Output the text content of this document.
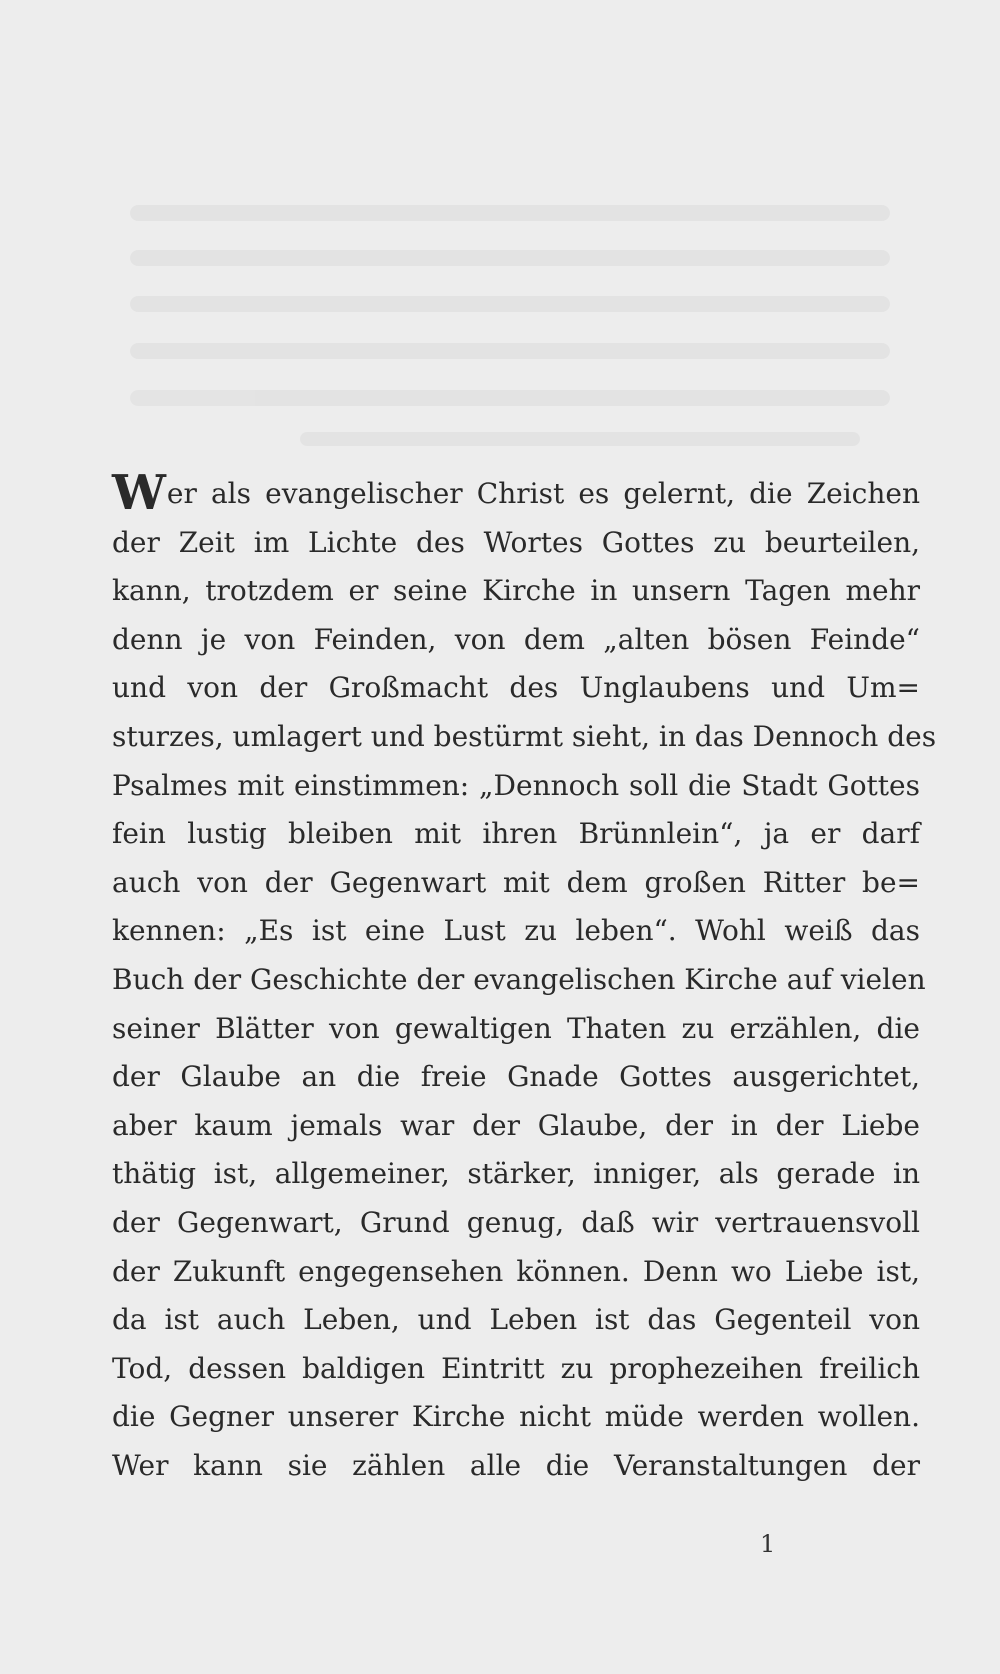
Wer als evangelischer Christ es gelernt, die Zeichen
der Zeit im Lichte des Wortes Gottes zu beurteilen,
kann, trotzdem er seine Kirche in unsern Tagen mehr
denn je von Feinden, von dem „alten bösen Feinde“
und von der Großmacht des Unglaubens und Um=
sturzes, umlagert und bestürmt sieht, in das Dennoch des
Psalmes mit einstimmen: „Dennoch soll die Stadt Gottes
fein lustig bleiben mit ihren Brünnlein“, ja er darf
auch von der Gegenwart mit dem großen Ritter be=
kennen: „Es ist eine Lust zu leben“. Wohl weiß das
Buch der Geschichte der evangelischen Kirche auf vielen
seiner Blätter von gewaltigen Thaten zu erzählen, die
der Glaube an die freie Gnade Gottes ausgerichtet,
aber kaum jemals war der Glaube, der in der Liebe
thätig ist, allgemeiner, stärker, inniger, als gerade in
der Gegenwart, Grund genug, daß wir vertrauensvoll
der Zukunft engegensehen können. Denn wo Liebe ist,
da ist auch Leben, und Leben ist das Gegenteil von
Tod, dessen baldigen Eintritt zu prophezeihen freilich
die Gegner unserer Kirche nicht müde werden wollen.
Wer kann sie zählen alle die Veranstaltungen der
1
